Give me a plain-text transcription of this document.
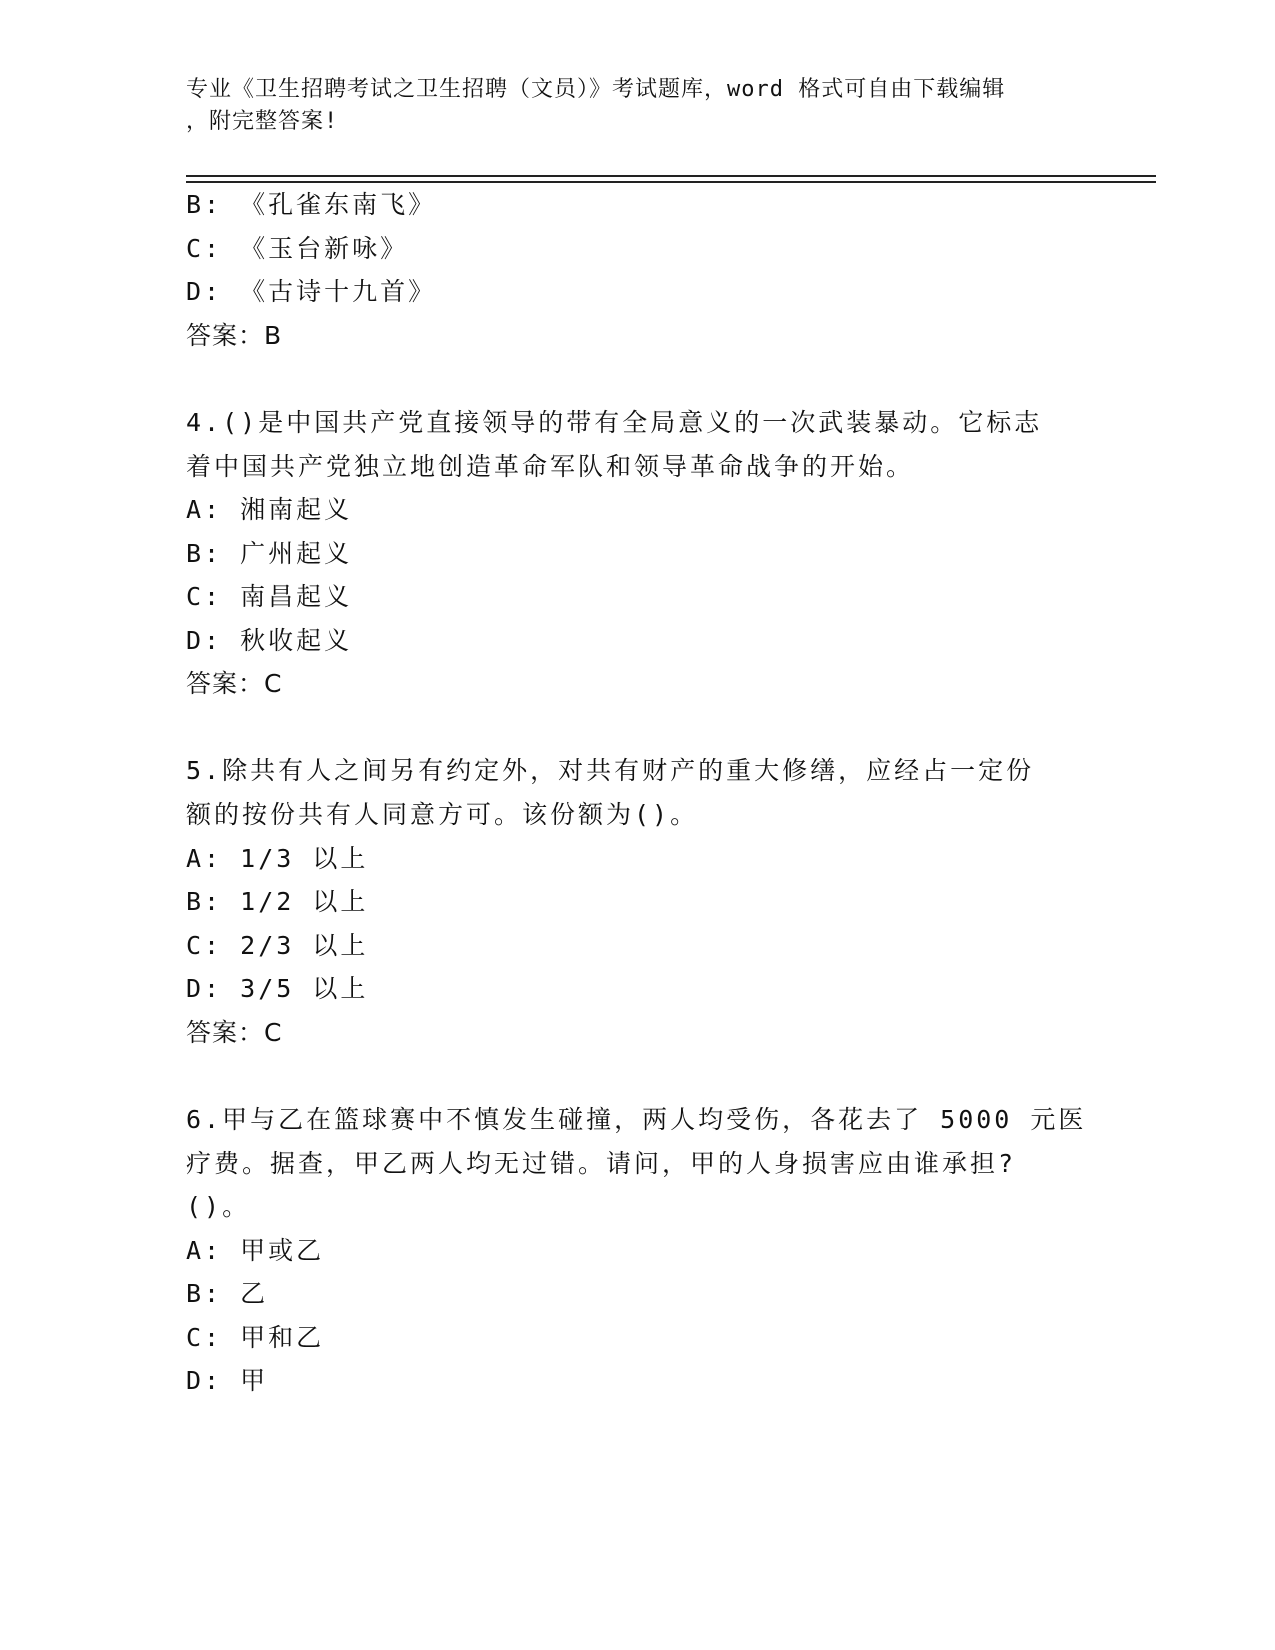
专业《卫生招聘考试之卫生招聘（文员）》考试题库，word 格式可自由下载编辑
，附完整答案!
B: 《孔雀东南飞》
C: 《玉台新咏》
D: 《古诗十九首》
答案：B
4.()是中国共产党直接领导的带有全局意义的一次武装暴动。它标志
着中国共产党独立地创造革命军队和领导革命战争的开始。
A: 湘南起义
B: 广州起义
C: 南昌起义
D: 秋收起义
答案：C
5.除共有人之间另有约定外，对共有财产的重大修缮，应经占一定份
额的按份共有人同意方可。该份额为()。
A: 1/3 以上
B: 1/2 以上
C: 2/3 以上
D: 3/5 以上
答案：C
6.甲与乙在篮球赛中不慎发生碰撞，两人均受伤，各花去了 5000 元医
疗费。据查，甲乙两人均无过错。请问，甲的人身损害应由谁承担?
()。
A: 甲或乙
B: 乙
C: 甲和乙
D: 甲
